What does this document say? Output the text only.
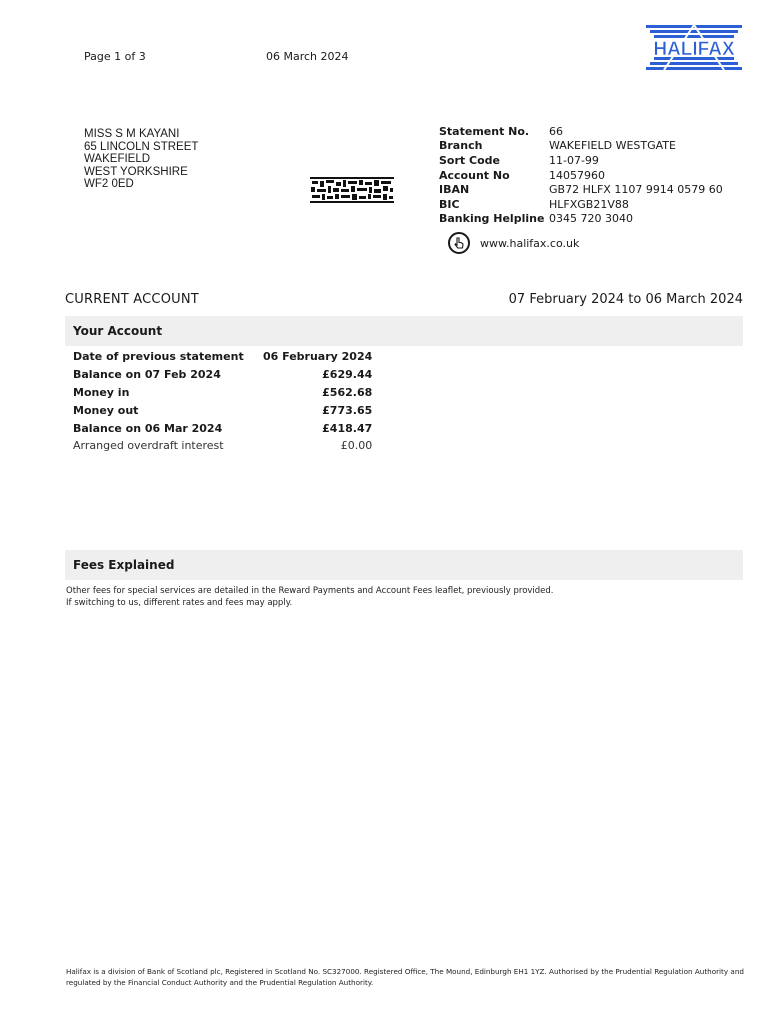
Page 1 of 3	06 March 2024	HALIFAX
MISS S M KAYANI
65 LINCOLN STREET
WAKEFIELD
WEST YORKSHIRE
WF2 0ED
Statement No.	66
Branch	WAKEFIELD WESTGATE
Sort Code	11-07-99
Account No	14057960
IBAN	GB72 HLFX 1107 9914 0579 60
BIC	HLFXGB21V88
Banking Helpline	0345 720 3040
www.halifax.co.uk
CURRENT ACCOUNT	07 February 2024 to 06 March 2024
Your Account
Date of previous statement	06 February 2024
Balance on 07 Feb 2024	£629.44
Money in	£562.68
Money out	£773.65
Balance on 06 Mar 2024	£418.47
Arranged overdraft interest	£0.00
Fees Explained
Other fees for special services are detailed in the Reward Payments and Account Fees leaflet, previously provided.
If switching to us, different rates and fees may apply.
Halifax is a division of Bank of Scotland plc, Registered in Scotland No. SC327000. Registered Office, The Mound, Edinburgh EH1 1YZ. Authorised by the Prudential Regulation Authority and regulated by the Financial Conduct Authority and the Prudential Regulation Authority.
